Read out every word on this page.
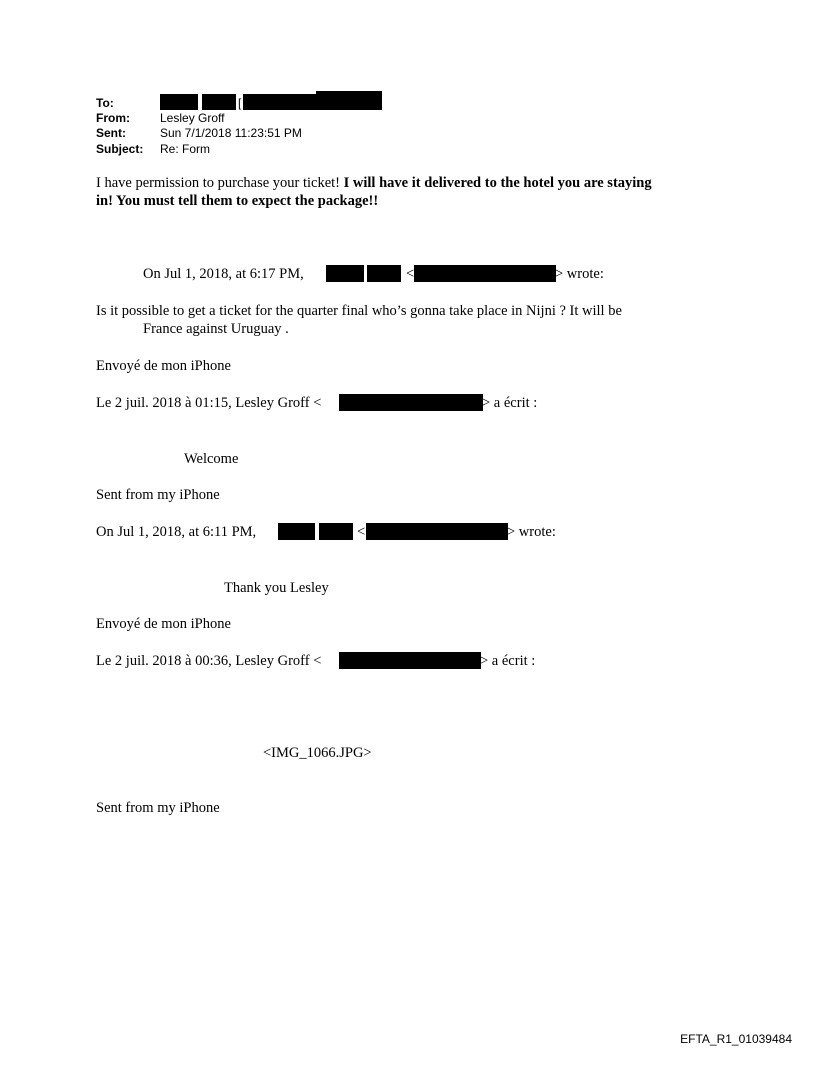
To:	[
From:	Lesley Groff
Sent:	Sun 7/1/2018 11:23:51 PM
Subject: Re: Form
I have permission to purchase your ticket! I will have it delivered to the hotel you are staying
in! You must tell them to expect the package!!
On Jul 1, 2018, at 6:17 PM,	<	> wrote:
Is it possible to get a ticket for the quarter final who’s gonna take place in Nijni ? It will be
France against Uruguay .
Envoyé de mon iPhone
Le 2 juil. 2018 à 01:15, Lesley Groff <	> a écrit :
Welcome
Sent from my iPhone
On Jul 1, 2018, at 6:11 PM,	<	> wrote:
Thank you Lesley
Envoyé de mon iPhone
Le 2 juil. 2018 à 00:36, Lesley Groff <	> a écrit :
<IMG_1066.JPG>
Sent from my iPhone
EFTA_R1_01039484
